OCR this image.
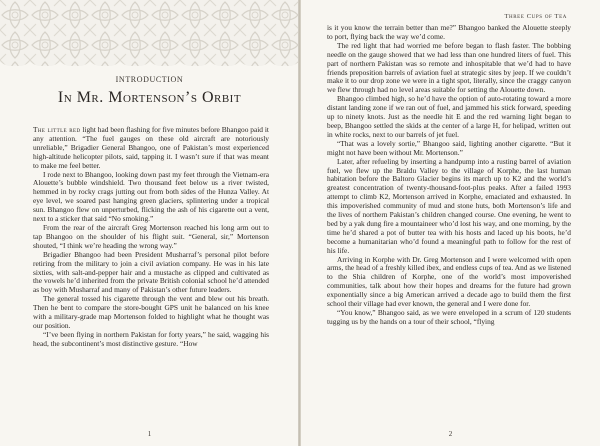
INTRODUCTION
In Mr. Mortenson’s Orbit

The little red light had been flashing for five minutes before Bhangoo paid it any attention. “The fuel gauges on these old aircraft are notoriously unreliable,” Brigadier General Bhangoo, one of Pakistan’s most experienced high-altitude helicopter pilots, said, tapping it. I wasn’t sure if that was meant to make me feel better.

I rode next to Bhangoo, looking down past my feet through the Vietnam-era Alouette’s bubble windshield. Two thousand feet below us a river twisted, hemmed in by rocky crags jutting out from both sides of the Hunza Valley. At eye level, we soared past hanging green glaciers, splintering under a tropical sun. Bhangoo flew on unperturbed, flicking the ash of his cigarette out a vent, next to a sticker that said “No smoking.”

From the rear of the aircraft Greg Mortenson reached his long arm out to tap Bhangoo on the shoulder of his flight suit. “General, sir,” Mortenson shouted, “I think we’re heading the wrong way.”

Brigadier Bhangoo had been President Musharraf’s personal pilot before retiring from the military to join a civil aviation company. He was in his late sixties, with salt-and-pepper hair and a mustache as clipped and cultivated as the vowels he’d inherited from the private British colonial school he’d attended as boy with Musharraf and many of Pakistan’s other future leaders.

The general tossed his cigarette through the vent and blew out his breath. Then he bent to compare the store-bought GPS unit he balanced on his knee with a military-grade map Mortenson folded to highlight what he thought was our position.

“I’ve been flying in northern Pakistan for forty years,” he said, wagging his head, the subcontinent’s most distinctive gesture. “How

1
Three Cups of Tea

is it you know the terrain better than me?” Bhangoo banked the Alouette steeply to port, flying back the way we’d come.

The red light that had worried me before began to flash faster. The bobbing needle on the gauge showed that we had less than one hundred liters of fuel. This part of northern Pakistan was so remote and inhospitable that we’d had to have friends preposition barrels of aviation fuel at strategic sites by jeep. If we couldn’t make it to our drop zone we were in a tight spot, literally, since the craggy canyon we flew through had no level areas suitable for setting the Alouette down.

Bhangoo climbed high, so he’d have the option of auto-rotating toward a more distant landing zone if we ran out of fuel, and jammed his stick forward, speeding up to ninety knots. Just as the needle hit E and the red warning light began to beep, Bhangoo settled the skids at the center of a large H, for helipad, written out in white rocks, next to our barrels of jet fuel.

“That was a lovely sortie,” Bhangoo said, lighting another cigarette. “But it might not have been without Mr. Mortenson.”

Later, after refueling by inserting a handpump into a rusting barrel of aviation fuel, we flew up the Braldu Valley to the village of Korphe, the last human habitation before the Baltoro Glacier begins its march up to K2 and the world’s greatest concentration of twenty-thousand-foot-plus peaks. After a failed 1993 attempt to climb K2, Mortenson arrived in Korphe, emaciated and exhausted. In this impoverished community of mud and stone huts, both Mortenson’s life and the lives of northern Pakistan’s children changed course. One evening, he went to bed by a yak dung fire a mountaineer who’d lost his way, and one morning, by the time he’d shared a pot of butter tea with his hosts and laced up his boots, he’d become a humanitarian who’d found a meaningful path to follow for the rest of his life.

Arriving in Korphe with Dr. Greg Mortenson and I were welcomed with open arms, the head of a freshly killed ibex, and endless cups of tea. And as we listened to the Shia children of Korphe, one of the world’s most impoverished communities, talk about how their hopes and dreams for the future had grown exponentially since a big American arrived a decade ago to build them the first school their village had ever known, the general and I were done for.

“You know,” Bhangoo said, as we were enveloped in a scrum of 120 students tugging us by the hands on a tour of their school, “flying

2
